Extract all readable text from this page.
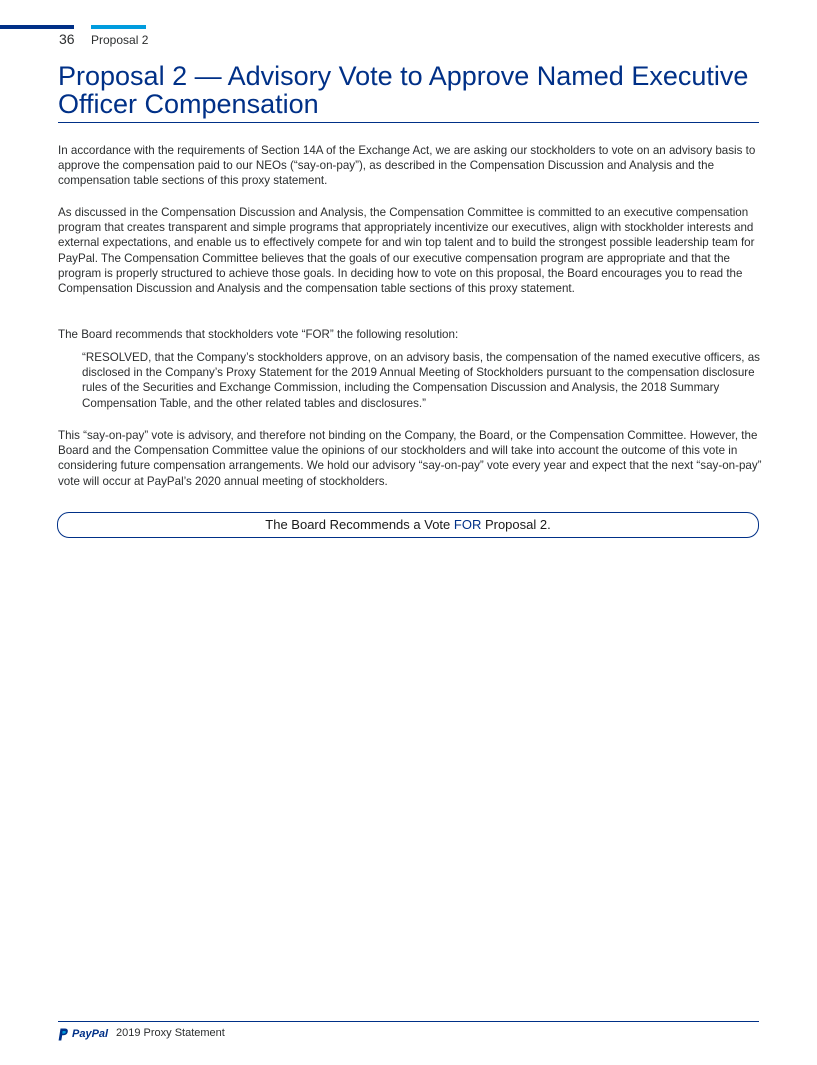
36 Proposal 2
Proposal 2 — Advisory Vote to Approve Named Executive Officer Compensation

In accordance with the requirements of Section 14A of the Exchange Act, we are asking our stockholders to vote on an advisory basis to approve the compensation paid to our NEOs (“say-on-pay”), as described in the Compensation Discussion and Analysis and the compensation table sections of this proxy statement.

As discussed in the Compensation Discussion and Analysis, the Compensation Committee is committed to an executive compensation program that creates transparent and simple programs that appropriately incentivize our executives, align with stockholder interests and external expectations, and enable us to effectively compete for and win top talent and to build the strongest possible leadership team for PayPal. The Compensation Committee believes that the goals of our executive compensation program are appropriate and that the program is properly structured to achieve those goals. In deciding how to vote on this proposal, the Board encourages you to read the Compensation Discussion and Analysis and the compensation table sections of this proxy statement.

The Board recommends that stockholders vote “FOR” the following resolution:

“RESOLVED, that the Company’s stockholders approve, on an advisory basis, the compensation of the named executive officers, as disclosed in the Company’s Proxy Statement for the 2019 Annual Meeting of Stockholders pursuant to the compensation disclosure rules of the Securities and Exchange Commission, including the Compensation Discussion and Analysis, the 2018 Summary Compensation Table, and the other related tables and disclosures.”

This “say-on-pay” vote is advisory, and therefore not binding on the Company, the Board, or the Compensation Committee. However, the Board and the Compensation Committee value the opinions of our stockholders and will take into account the outcome of this vote in considering future compensation arrangements. We hold our advisory “say-on-pay” vote every year and expect that the next “say-on-pay” vote will occur at PayPal’s 2020 annual meeting of stockholders.

The Board Recommends a Vote FOR Proposal 2.
PayPal 2019 Proxy Statement
